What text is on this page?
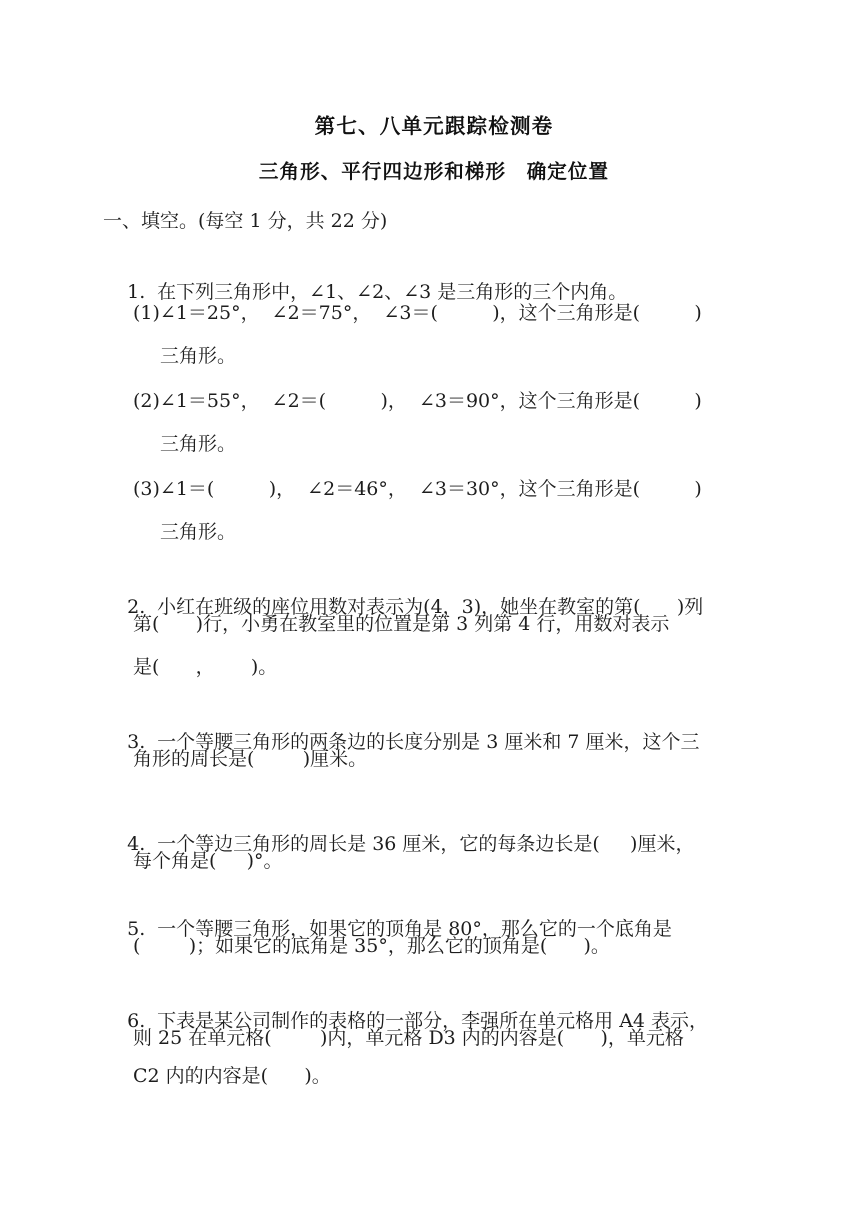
第七、八单元跟踪检测卷
三角形、平行四边形和梯形　确定位置
一、填空。(每空 1 分，共 22 分)

1. 在下列三角形中，∠1、∠2、∠3 是三角形的三个内角。

(1)∠1＝25°，  ∠2＝75°，  ∠3＝(         )，这个三角形是(         )
三角形。
(2)∠1＝55°，  ∠2＝(         )，  ∠3＝90°，这个三角形是(         )
三角形。
(3)∠1＝(         )，  ∠2＝46°，  ∠3＝30°，这个三角形是(         )
三角形。

2. 小红在班级的座位用数对表示为(4，3)，她坐在教室的第(      )列

第(      )行，小勇在教室里的位置是第 3 列第 4 行，用数对表示
是(      ，      )。

3. 一个等腰三角形的两条边的长度分别是 3 厘米和 7 厘米，这个三

角形的周长是(        )厘米。

4. 一个等边三角形的周长是 36 厘米，它的每条边长是(     )厘米，

每个角是(     )°。

5. 一个等腰三角形，如果它的顶角是 80°，那么它的一个底角是

(        )；如果它的底角是 35°，那么它的顶角是(      )。

6. 下表是某公司制作的表格的一部分，李强所在单元格用 A4 表示，

则 25 在单元格(        )内，单元格 D3 内的内容是(      )，单元格
C2 内的内容是(      )。
